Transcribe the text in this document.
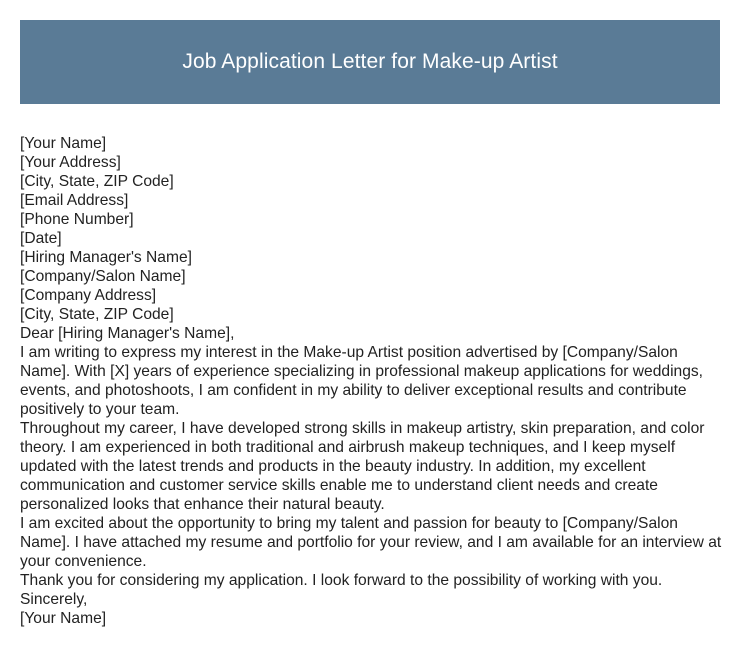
Job Application Letter for Make-up Artist

[Your Name]

[Your Address]

[City, State, ZIP Code]

[Email Address]

[Phone Number]

[Date]

[Hiring Manager's Name]

[Company/Salon Name]

[Company Address]

[City, State, ZIP Code]

Dear [Hiring Manager's Name],

I am writing to express my interest in the Make-up Artist position advertised by [Company/Salon Name]. With [X] years of experience specializing in professional makeup applications for weddings, events, and photoshoots, I am confident in my ability to deliver exceptional results and contribute positively to your team.

Throughout my career, I have developed strong skills in makeup artistry, skin preparation, and color theory. I am experienced in both traditional and airbrush makeup techniques, and I keep myself updated with the latest trends and products in the beauty industry. In addition, my excellent communication and customer service skills enable me to understand client needs and create personalized looks that enhance their natural beauty.

I am excited about the opportunity to bring my talent and passion for beauty to [Company/Salon Name]. I have attached my resume and portfolio for your review, and I am available for an interview at your convenience.

Thank you for considering my application. I look forward to the possibility of working with you.

Sincerely,

[Your Name]
